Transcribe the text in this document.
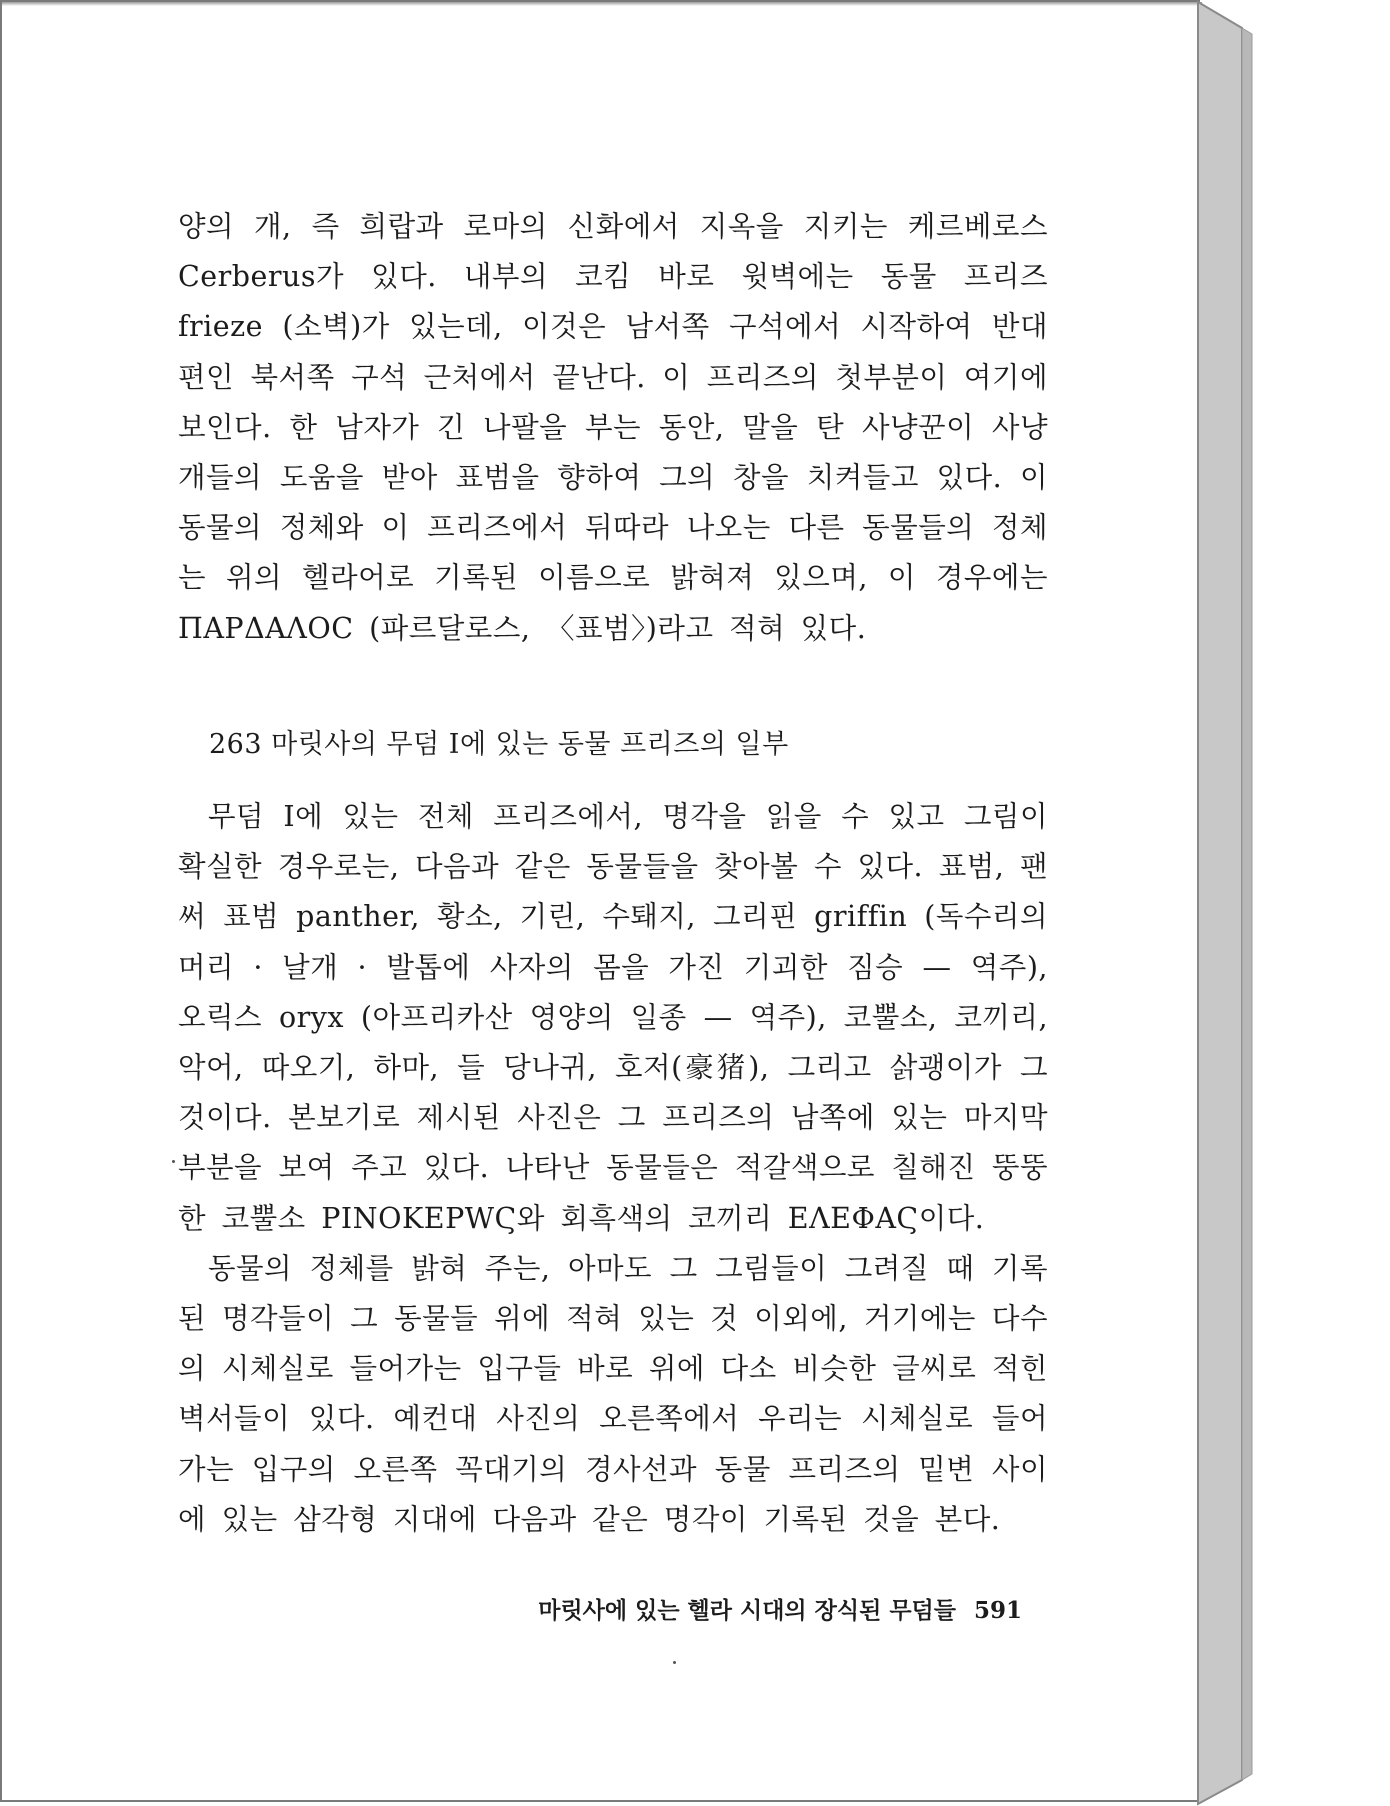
양의 개, 즉 희랍과 로마의 신화에서 지옥을 지키는 케르베로스 Cerberus가 있다. 내부의 코킴 바로 윗벽에는 동물 프리즈 frieze (소벽)가 있는데, 이것은 남서쪽 구석에서 시작하여 반대편인 북서쪽 구석 근처에서 끝난다. 이 프리즈의 첫부분이 여기에 보인다. 한 남자가 긴 나팔을 부는 동안, 말을 탄 사냥꾼이 사냥개들의 도움을 받아 표범을 향하여 그의 창을 치켜들고 있다. 이 동물의 정체와 이 프리즈에서 뒤따라 나오는 다른 동물들의 정체는 위의 헬라어로 기록된 이름으로 밝혀져 있으며, 이 경우에는 ΠΑΡΔΑΛΟC (파르달로스, 〈표범〉)라고 적혀 있다.

263 마릿사의 무덤 I에 있는 동물 프리즈의 일부

무덤 I에 있는 전체 프리즈에서, 명각을 읽을 수 있고 그림이 확실한 경우로는, 다음과 같은 동물들을 찾아볼 수 있다. 표범, 팬써 표범 panther, 황소, 기린, 수퇘지, 그리핀 griffin (독수리의 머리 · 날개 · 발톱에 사자의 몸을 가진 기괴한 짐승 — 역주), 오릭스 oryx (아프리카산 영양의 일종 — 역주), 코뿔소, 코끼리, 악어, 따오기, 하마, 들 당나귀, 호저(豪猪), 그리고 삵괭이가 그것이다. 본보기로 제시된 사진은 그 프리즈의 남쪽에 있는 마지막 부분을 보여 주고 있다. 나타난 동물들은 적갈색으로 칠해진 뚱뚱한 코뿔소 PINOKEPWϚ와 회흑색의 코끼리 ΕΛΕΦΑϚ이다.

동물의 정체를 밝혀 주는, 아마도 그 그림들이 그려질 때 기록된 명각들이 그 동물들 위에 적혀 있는 것 이외에, 거기에는 다수의 시체실로 들어가는 입구들 바로 위에 다소 비슷한 글씨로 적힌 벽서들이 있다. 예컨대 사진의 오른쪽에서 우리는 시체실로 들어가는 입구의 오른쪽 꼭대기의 경사선과 동물 프리즈의 밑변 사이에 있는 삼각형 지대에 다음과 같은 명각이 기록된 것을 본다.

마릿사에 있는 헬라 시대의 장식된 무덤들 591
